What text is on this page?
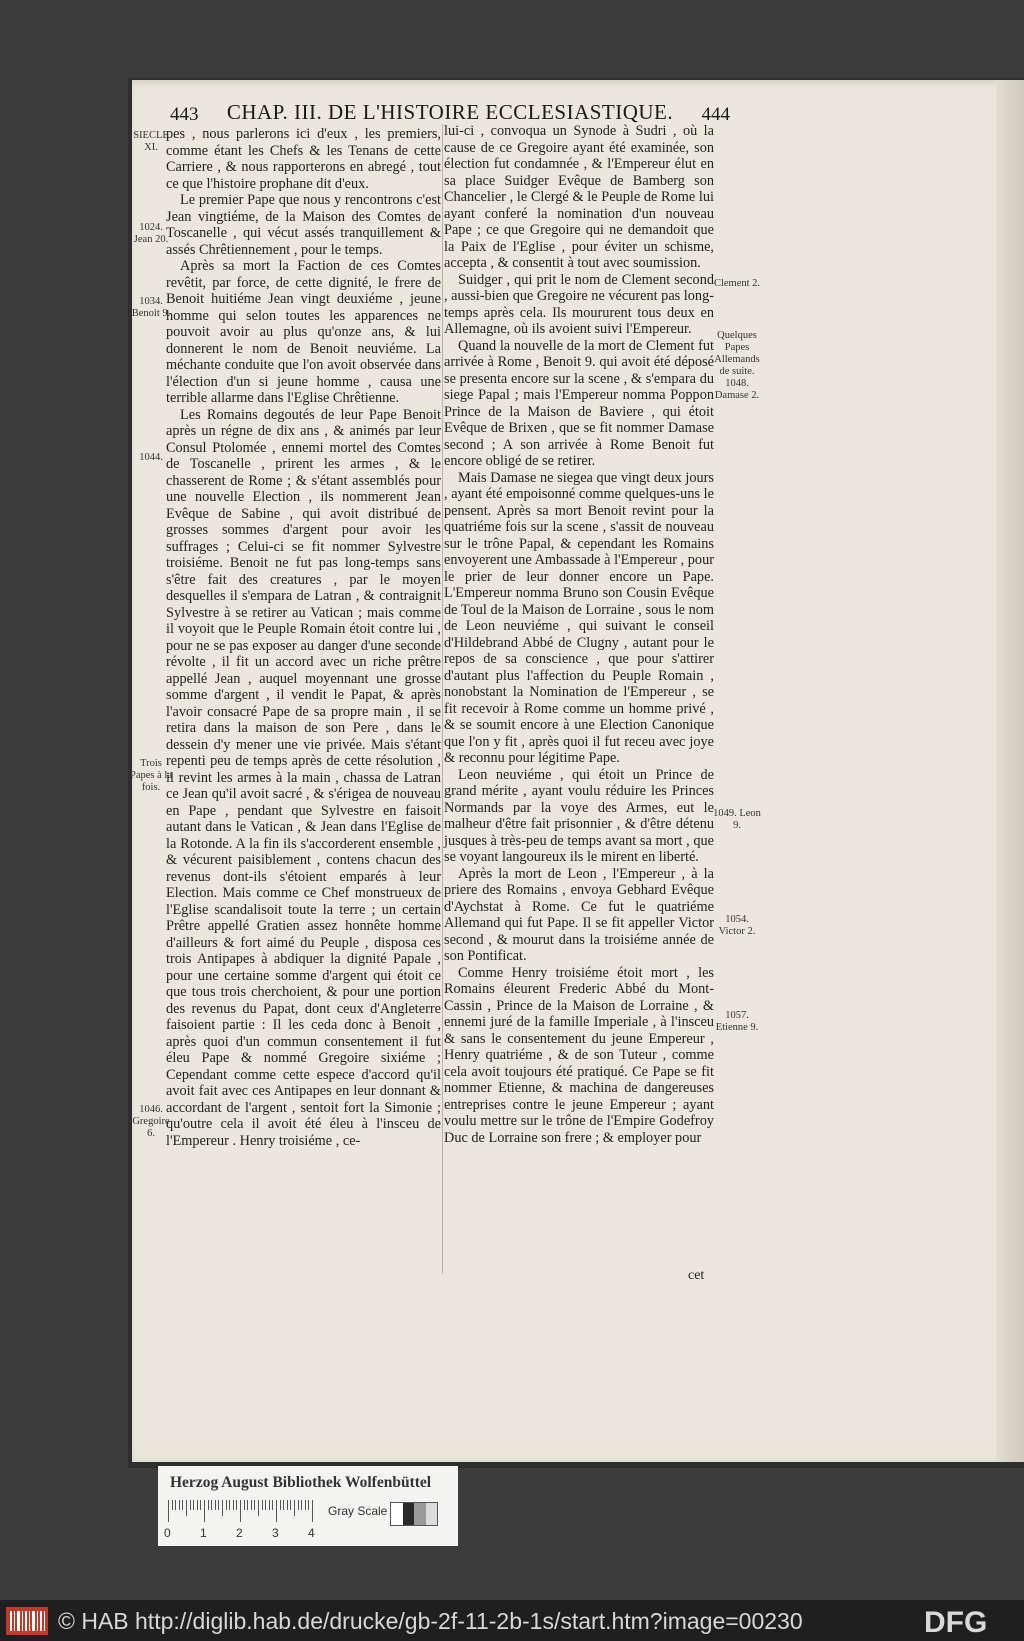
443	CHAP. III. DE L'HISTOIRE ECCLESIASTIQUE.	444
SIECLE XI.
1024. Jean 20.
1034. Benoit 9.
1044.
Trois Papes à la fois.
1046. Gregoire 6.
Clement 2.
Quelques Papes Allemands de suite.
1048. Damase 2.
1049. Leon 9.
1054. Victor 2.
1057. Etienne 9.

pes , nous parlerons ici d'eux , les premiers, comme étant les Chefs & les Tenans de cette Carriere , & nous rapporterons en abregé , tout ce que l'histoire prophane dit d'eux.

Le premier Pape que nous y rencontrons c'est Jean vingtiéme, de la Maison des Comtes de Toscanelle , qui vécut assés tranquillement & assés Chrêtiennement , pour le temps.

Après sa mort la Faction de ces Comtes revêtit, par force, de cette dignité, le frere de Benoit huitiéme Jean vingt deuxiéme , jeune homme qui selon toutes les apparences ne pouvoit avoir au plus qu'onze ans, & lui donnerent le nom de Benoit neuviéme. La méchante conduite que l'on avoit observée dans l'élection d'un si jeune homme , causa une terrible allarme dans l'Eglise Chrêtienne.

Les Romains degoutés de leur Pape Benoit après un régne de dix ans , & animés par leur Consul Ptolomée , ennemi mortel des Comtes de Toscanelle , prirent les armes , & le chasserent de Rome ; & s'étant assemblés pour une nouvelle Election , ils nommerent Jean Evêque de Sabine , qui avoit distribué de grosses sommes d'argent pour avoir les suffrages ; Celui-ci se fit nommer Sylvestre troisiéme. Benoit ne fut pas long-temps sans s'être fait des creatures , par le moyen desquelles il s'empara de Latran , & contraignit Sylvestre à se retirer au Vatican ; mais comme il voyoit que le Peuple Romain étoit contre lui , pour ne se pas exposer au danger d'une seconde révolte , il fit un accord avec un riche prêtre appellé Jean , auquel moyennant une grosse somme d'argent , il vendit le Papat, & après l'avoir consacré Pape de sa propre main , il se retira dans la maison de son Pere , dans le dessein d'y mener une vie privée. Mais s'étant repenti peu de temps après de cette résolution , il revint les armes à la main , chassa de Latran ce Jean qu'il avoit sacré , & s'érigea de nouveau en Pape , pendant que Sylvestre en faisoit autant dans le Vatican , & Jean dans l'Eglise de la Rotonde. A la fin ils s'accorderent ensemble , & vécurent paisiblement , contens chacun des revenus dont-ils s'étoient emparés à leur Election. Mais comme ce Chef monstrueux de l'Eglise scandalisoit toute la terre ; un certain Prêtre appellé Gratien assez honnête homme d'ailleurs & fort aimé du Peuple , disposa ces trois Antipapes à abdiquer la dignité Papale , pour une certaine somme d'argent qui étoit ce que tous trois cherchoient, & pour une portion des revenus du Papat, dont ceux d'Angleterre faisoient partie : Il les ceda donc à Benoit , après quoi d'un commun consentement il fut éleu Pape & nommé Gregoire sixiéme ; Cependant comme cette espece d'accord qu'il avoit fait avec ces Antipapes en leur donnant & accordant de l'argent , sentoit fort la Simonie ; qu'outre cela il avoit été éleu à l'insceu de l'Empereur . Henry troisiéme , ce-

lui-ci , convoqua un Synode à Sudri , où la cause de ce Gregoire ayant été examinée, son élection fut condamnée , & l'Empereur élut en sa place Suidger Evêque de Bamberg son Chancelier , le Clergé & le Peuple de Rome lui ayant conferé la nomination d'un nouveau Pape ; ce que Gregoire qui ne demandoit que la Paix de l'Eglise , pour éviter un schisme, accepta , & consentit à tout avec soumission.

Suidger , qui prit le nom de Clement second , aussi-bien que Gregoire ne vécurent pas long-temps après cela. Ils moururent tous deux en Allemagne, où ils avoient suivi l'Empereur.

Quand la nouvelle de la mort de Clement fut arrivée à Rome , Benoit 9. qui avoit été déposé se presenta encore sur la scene , & s'empara du siege Papal ; mais l'Empereur nomma Poppon Prince de la Maison de Baviere , qui étoit Evêque de Brixen , que se fit nommer Damase second ; A son arrivée à Rome Benoit fut encore obligé de se retirer.

Mais Damase ne siegea que vingt deux jours , ayant été empoisonné comme quelques-uns le pensent. Après sa mort Benoit revint pour la quatriéme fois sur la scene , s'assit de nouveau sur le trône Papal, & cependant les Romains envoyerent une Ambassade à l'Empereur , pour le prier de leur donner encore un Pape. L'Empereur nomma Bruno son Cousin Evêque de Toul de la Maison de Lorraine , sous le nom de Leon neuviéme , qui suivant le conseil d'Hildebrand Abbé de Clugny , autant pour le repos de sa conscience , que pour s'attirer d'autant plus l'affection du Peuple Romain , nonobstant la Nomination de l'Empereur , se fit recevoir à Rome comme un homme privé , & se soumit encore à une Election Canonique que l'on y fit , après quoi il fut receu avec joye & reconnu pour légitime Pape.

Leon neuviéme , qui étoit un Prince de grand mérite , ayant voulu réduire les Princes Normands par la voye des Armes, eut le malheur d'être fait prisonnier , & d'être détenu jusques à très-peu de temps avant sa mort , que se voyant langoureux ils le mirent en liberté.

Après la mort de Leon , l'Empereur , à la priere des Romains , envoya Gebhard Evêque d'Aychstat à Rome. Ce fut le quatriéme Allemand qui fut Pape. Il se fit appeller Victor second , & mourut dans la troisiéme année de son Pontificat.

Comme Henry troisiéme étoit mort , les Romains éleurent Frederic Abbé du Mont-Cassin , Prince de la Maison de Lorraine , & ennemi juré de la famille Imperiale , à l'insceu & sans le consentement du jeune Empereur , Henry quatriéme , & de son Tuteur , comme cela avoit toujours été pratiqué. Ce Pape se fit nommer Etienne, & machina de dangereuses entreprises contre le jeune Empereur ; ayant voulu mettre sur le trône de l'Empire Godefroy Duc de Lorraine son frere ; & employer pour

cet
Herzog August Bibliothek Wolfenbüttel
0 1 2 3 4
Gray Scale
© HAB http://diglib.hab.de/drucke/gb-2f-11-2b-1s/start.htm?image=00230	DFG
